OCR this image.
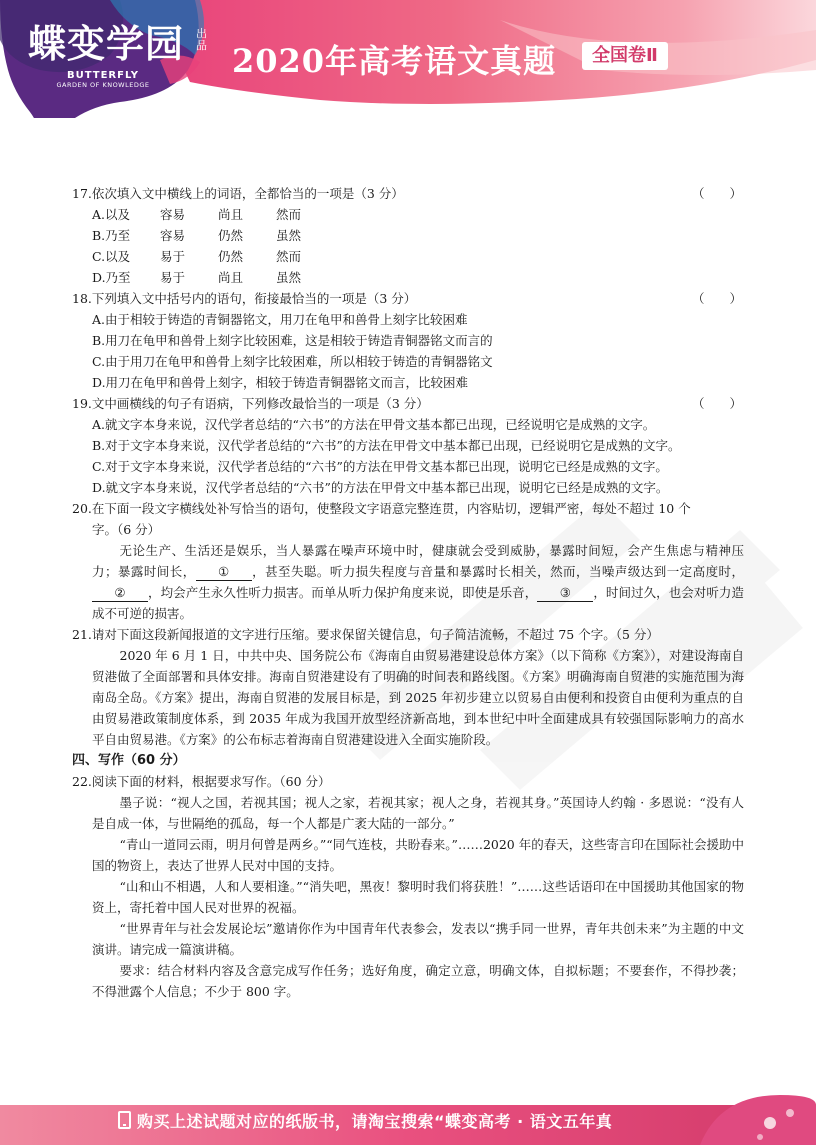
蝶变学园 出品
BUTTERFLY
GARDEN OF KNOWLEDGE
2020年高考语文真题	全国卷Ⅱ
17.依次填入文中横线上的词语，全都恰当的一项是（3 分）	（　　）
A.以及	容易	尚且	然而
B.乃至	容易	仍然	虽然
C.以及	易于	仍然	然而
D.乃至	易于	尚且	虽然
18.下列填入文中括号内的语句，衔接最恰当的一项是（3 分）	（　　）
A.由于相较于铸造的青铜器铭文，用刀在龟甲和兽骨上刻字比较困难
B.用刀在龟甲和兽骨上刻字比较困难，这是相较于铸造青铜器铭文而言的
C.由于用刀在龟甲和兽骨上刻字比较困难，所以相较于铸造的青铜器铭文
D.用刀在龟甲和兽骨上刻字，相较于铸造青铜器铭文而言，比较困难
19.文中画横线的句子有语病，下列修改最恰当的一项是（3 分）	（　　）
A.就文字本身来说，汉代学者总结的“六书”的方法在甲骨文基本都已出现，已经说明它是成熟的文字。
B.对于文字本身来说，汉代学者总结的“六书”的方法在甲骨文中基本都已出现，已经说明它是成熟的文字。
C.对于文字本身来说，汉代学者总结的“六书”的方法在甲骨文基本都已出现，说明它已经是成熟的文字。
D.就文字本身来说，汉代学者总结的“六书”的方法在甲骨文中基本都已出现，说明它已经是成熟的文字。
20.在下面一段文字横线处补写恰当的语句，使整段文字语意完整连贯，内容贴切，逻辑严密，每处不超过 10 个
字。（6 分）
无论生产、生活还是娱乐，当人暴露在噪声环境中时，健康就会受到威胁，暴露时间短，会产生焦虑与精神压力；暴露时间长， ① ，甚至失聪。听力损失程度与音量和暴露时长相关，然而，当噪声级达到一定高度时，② ，均会产生永久性听力损害。而单从听力保护角度来说，即使是乐音， ③ ，时间过久，也会对听力造成不可逆的损害。
21.请对下面这段新闻报道的文字进行压缩。要求保留关键信息，句子简洁流畅，不超过 75 个字。（5 分）
2020 年 6 月 1 日，中共中央、国务院公布《海南自由贸易港建设总体方案》（以下简称《方案》），对建设海南自贸港做了全面部署和具体安排。海南自贸港建设有了明确的时间表和路线图。《方案》明确海南自贸港的实施范围为海南岛全岛。《方案》提出，海南自贸港的发展目标是，到 2025 年初步建立以贸易自由便利和投资自由便利为重点的自由贸易港政策制度体系，到 2035 年成为我国开放型经济新高地，到本世纪中叶全面建成具有较强国际影响力的高水平自由贸易港。《方案》的公布标志着海南自贸港建设进入全面实施阶段。
四、写作（60 分）
22.阅读下面的材料，根据要求写作。（60 分）
墨子说：“视人之国，若视其国；视人之家，若视其家；视人之身，若视其身。”英国诗人约翰 · 多恩说：“没有人是自成一体，与世隔绝的孤岛，每一个人都是广袤大陆的一部分。”
“青山一道同云雨，明月何曾是两乡。”“同气连枝，共盼春来。”……2020 年的春天，这些寄言印在国际社会援助中国的物资上，表达了世界人民对中国的支持。
“山和山不相遇，人和人要相逢。”“消失吧，黑夜！黎明时我们将获胜！”……这些话语印在中国援助其他国家的物资上，寄托着中国人民对世界的祝福。
“世界青年与社会发展论坛”邀请你作为中国青年代表参会，发表以“携手同一世界，青年共创未来”为主题的中文演讲。请完成一篇演讲稿。
要求：结合材料内容及含意完成写作任务；选好角度，确定立意，明确文体，自拟标题；不要套作，不得抄袭；不得泄露个人信息；不少于 800 字。
购买上述试题对应的纸版书，请淘宝搜索“蝶变高考 · 语文五年真
